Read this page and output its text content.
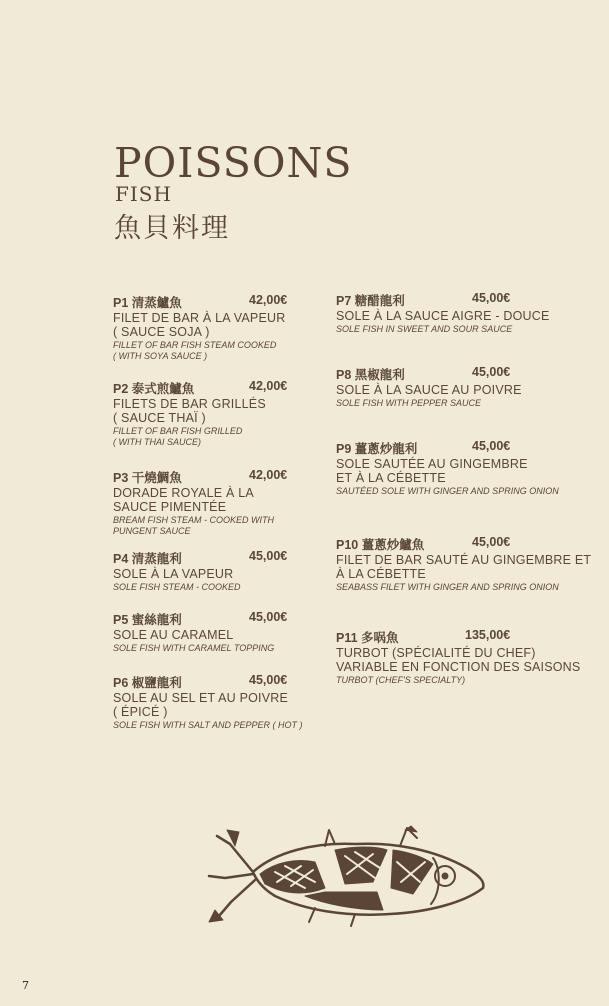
POISSONS
FISH
魚貝料理
P1 清蒸鱸魚	42,00€
FILET DE BAR À LA VAPEUR
( SAUCE SOJA )
FILLET OF BAR FISH STEAM COOKED
( WITH SOYA SAUCE )
P2 泰式煎鱸魚	42,00€
FILETS DE BAR GRILLÉS
( SAUCE THAÏ )
FILLET OF BAR FISH GRILLED
( WITH THAI SAUCE)
P3 干燒鯛魚	42,00€
DORADE ROYALE À LA
SAUCE PIMENTÉE
BREAM FISH STEAM - COOKED WITH
PUNGENT SAUCE
P4 清蒸龍利	45,00€
SOLE À LA VAPEUR
SOLE FISH STEAM - COOKED
P5 蜜絲龍利	45,00€
SOLE AU CARAMEL
SOLE FISH WITH CARAMEL TOPPING
P6 椒鹽龍利	45,00€
SOLE AU SEL ET AU POIVRE
( ÉPICÉ )
SOLE FISH WITH SALT AND PEPPER ( HOT )
P7 糖醋龍利	45,00€
SOLE À LA SAUCE AIGRE - DOUCE
SOLE FISH IN SWEET AND SOUR SAUCE
P8 黑椒龍利	45,00€
SOLE À LA SAUCE AU POIVRE
SOLE FISH WITH PEPPER SAUCE
P9 薑蔥炒龍利	45,00€
SOLE SAUTÉE AU GINGEMBRE
ET À LA CÉBETTE
SAUTÉED SOLE WITH GINGER AND SPRING ONION
P10 薑蔥炒鱸魚	45,00€
FILET DE BAR SAUTÉ AU GINGEMBRE ET
À LA CÉBETTE
SEABASS FILET WITH GINGER AND SPRING ONION
P11 多㖞魚	135,00€
TURBOT (SPÉCIALITÉ DU CHEF)
VARIABLE EN FONCTION DES SAISONS
TURBOT (CHEF'S SPECIALTY)
7
